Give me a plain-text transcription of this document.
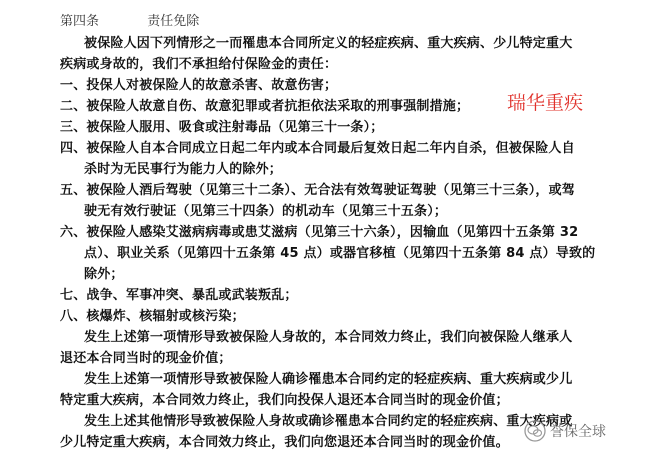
第四条	责任免除
被保险人因下列情形之一而罹患本合同所定义的轻症疾病、重大疾病、少儿特定重大
疾病或身故的，我们不承担给付保险金的责任：
一、投保人对被保险人的故意杀害、故意伤害；
二、被保险人故意自伤、故意犯罪或者抗拒依法采取的刑事强制措施；
三、被保险人服用、吸食或注射毒品（见第三十一条）；
四、被保险人自本合同成立日起二年内或本合同最后复效日起二年内自杀，但被保险人自
杀时为无民事行为能力人的除外；
五、被保险人酒后驾驶（见第三十二条）、无合法有效驾驶证驾驶（见第三十三条），或驾
驶无有效行驶证（见第三十四条）的机动车（见第三十五条）；
六、被保险人感染艾滋病病毒或患艾滋病（见第三十六条），因输血（见第四十五条第 32
点）、职业关系（见第四十五条第 45 点）或器官移植（见第四十五条第 84 点）导致的
除外；
七、战争、军事冲突、暴乱或武装叛乱；
八、核爆炸、核辐射或核污染；
发生上述第一项情形导致被保险人身故的，本合同效力终止，我们向被保险人继承人
退还本合同当时的现金价值；
发生上述第一项情形导致被保险人确诊罹患本合同约定的轻症疾病、重大疾病或少儿
特定重大疾病，本合同效力终止，我们向投保人退还本合同当时的现金价值；
发生上述其他情形导致被保险人身故或确诊罹患本合同约定的轻症疾病、重大疾病或
少儿特定重大疾病，本合同效力终止，我们向您退还本合同当时的现金价值。
瑞华重疾
誉保全球
